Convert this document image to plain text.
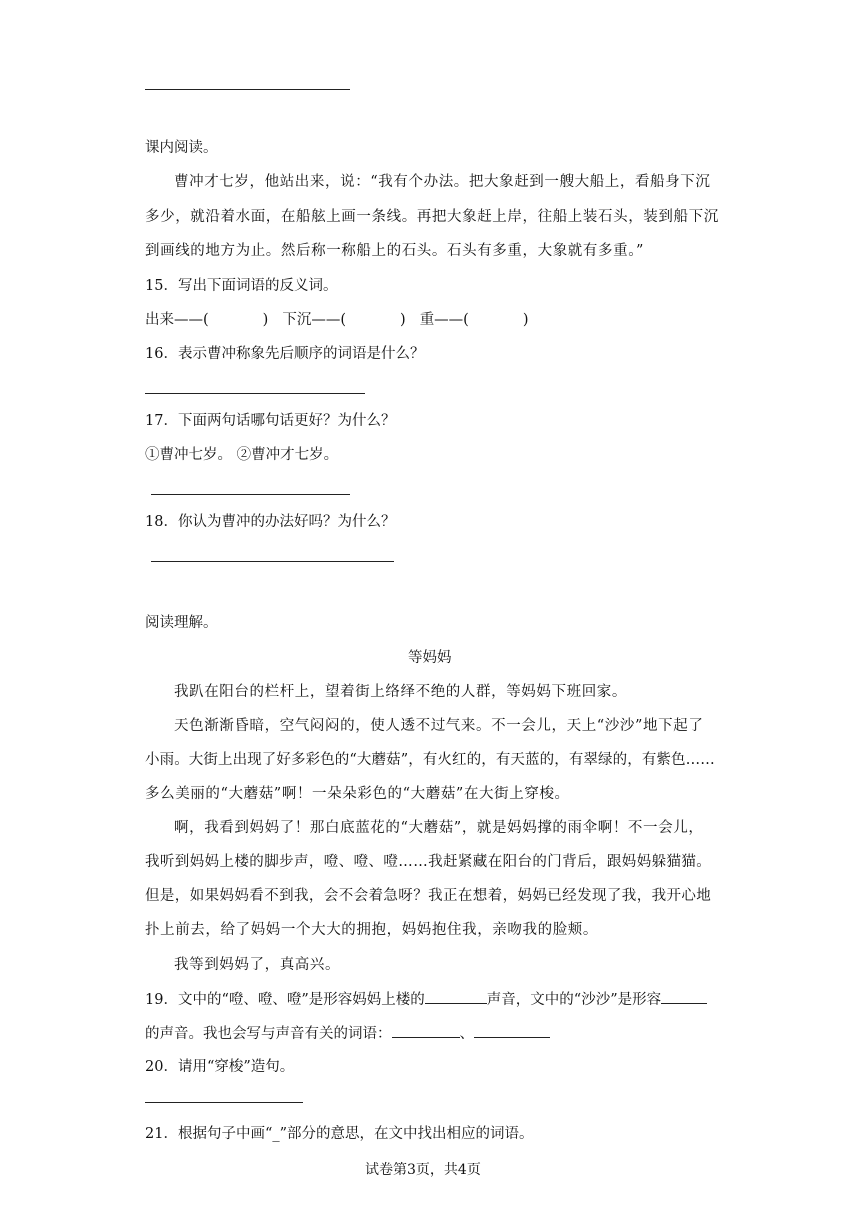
课内阅读。
曹冲才七岁，他站出来，说：“我有个办法。把大象赶到一艘大船上，看船身下沉
多少，就沿着水面，在船舷上画一条线。再把大象赶上岸，往船上装石头，装到船下沉
到画线的地方为止。然后称一称船上的石头。石头有多重，大象就有多重。”
15．写出下面词语的反义词。
出来——(	) 下沉——(	) 重——(	)
16．表示曹冲称象先后顺序的词语是什么？
17．下面两句话哪句话更好？为什么？
①曹冲七岁。 ②曹冲才七岁。
18．你认为曹冲的办法好吗？为什么？
阅读理解。
等妈妈
我趴在阳台的栏杆上，望着街上络绎不绝的人群，等妈妈下班回家。
天色渐渐昏暗，空气闷闷的，使人透不过气来。不一会儿，天上“沙沙”地下起了
小雨。大街上出现了好多彩色的“大蘑菇”，有火红的，有天蓝的，有翠绿的，有紫色……
多么美丽的“大蘑菇”啊！一朵朵彩色的“大蘑菇”在大街上穿梭。
啊，我看到妈妈了！那白底蓝花的“大蘑菇”，就是妈妈撑的雨伞啊！不一会儿，
我听到妈妈上楼的脚步声，噔、噔、噔……我赶紧藏在阳台的门背后，跟妈妈躲猫猫。
但是，如果妈妈看不到我，会不会着急呀？我正在想着，妈妈已经发现了我，我开心地
扑上前去，给了妈妈一个大大的拥抱，妈妈抱住我，亲吻我的脸颊。
我等到妈妈了，真高兴。
19．文中的“噔、噔、噔”是形容妈妈上楼的	声音，文中的“沙沙”是形容
的声音。我也会写与声音有关的词语：	、
20．请用“穿梭”造句。
21．根据句子中画“_”部分的意思，在文中找出相应的词语。
试卷第3页，共4页
